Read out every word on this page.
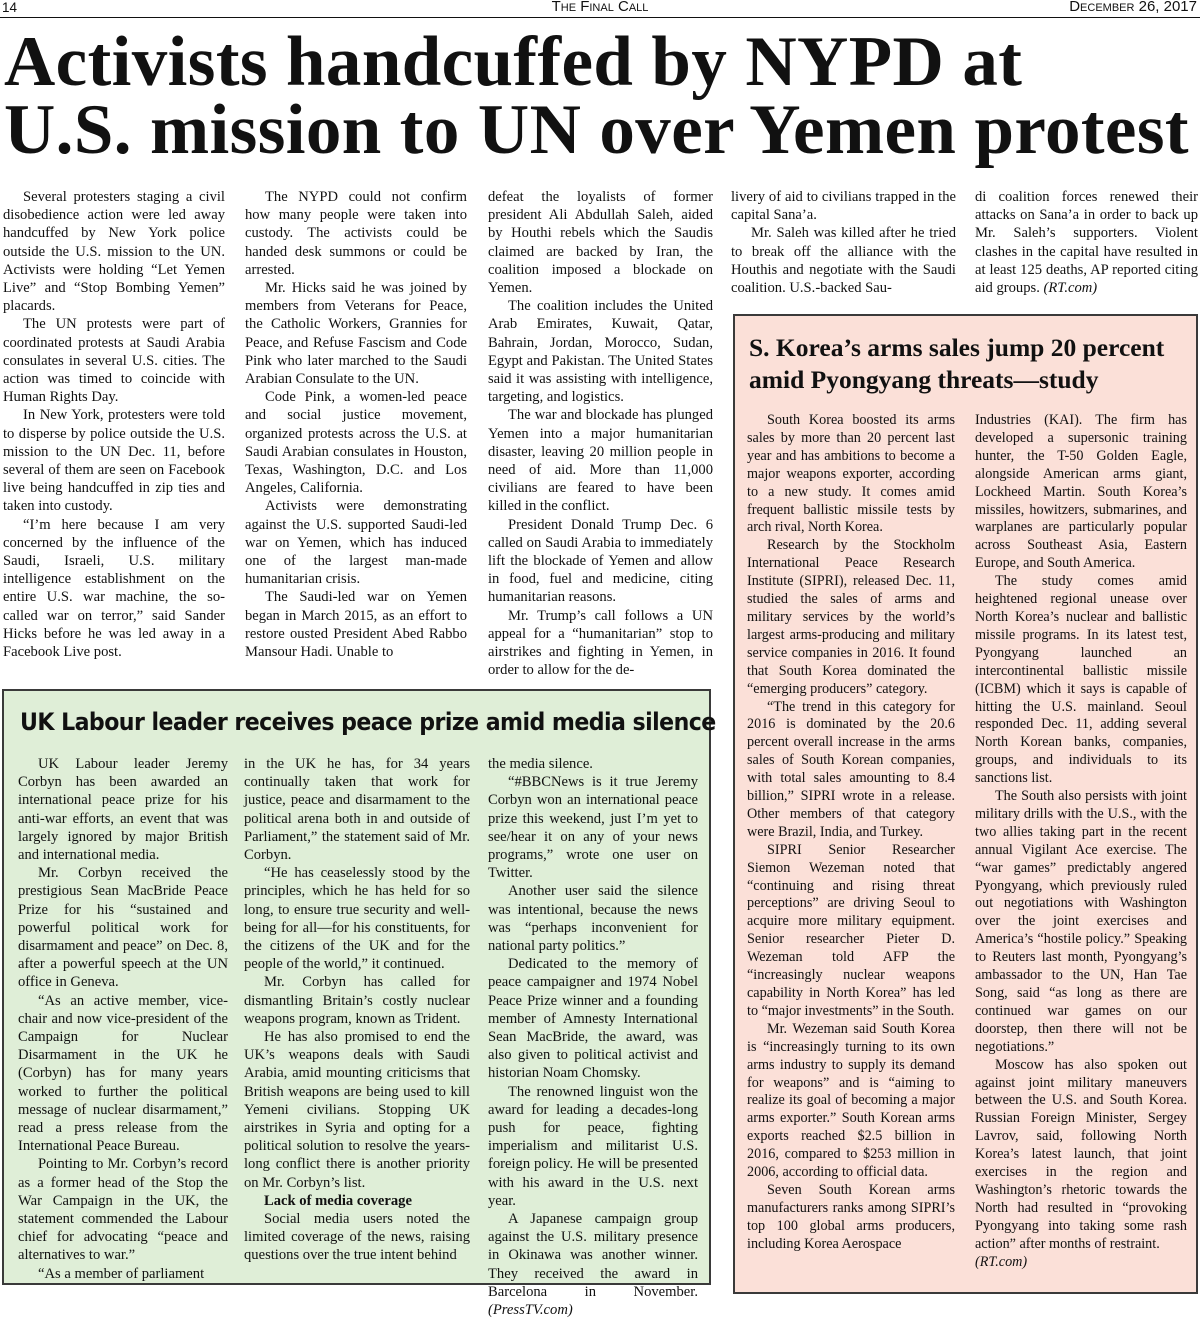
The Final Call
14	December 26, 2017
Activists handcuffed by NYPD at
U.S. mission to UN over Yemen protest

Several protesters staging a civil disobedience action were led away handcuffed by New York police outside the U.S. mission to the UN. Activists were holding “Let Yemen Live” and “Stop Bombing Yemen” placards.

The UN protests were part of coordinated protests at Saudi Arabia consulates in several U.S. cities. The action was timed to coincide with Human Rights Day.

In New York, protesters were told to disperse by police outside the U.S. mission to the UN Dec. 11, before several of them are seen on Facebook live being handcuffed in zip ties and taken into custody.

“I’m here because I am very concerned by the influence of the Saudi, Israeli, U.S. military intelligence establishment on the entire U.S. war machine, the so-called war on terror,” said Sander Hicks before he was led away in a Facebook Live post.

The NYPD could not confirm how many people were taken into custody. The activists could be handed desk summons or could be arrested.

Mr. Hicks said he was joined by members from Veterans for Peace, the Catholic Workers, Grannies for Peace, and Refuse Fascism and Code Pink who later marched to the Saudi Arabian Consulate to the UN.

Code Pink, a women-led peace and social justice movement, organized protests across the U.S. at Saudi Arabian consulates in Houston, Texas, Washington, D.C. and Los Angeles, California.

Activists were demonstrating against the U.S. supported Saudi-led war on Yemen, which has induced one of the largest man-made humanitarian crisis.

The Saudi-led war on Yemen began in March 2015, as an effort to restore ousted President Abed Rabbo Mansour Hadi. Unable to

defeat the loyalists of former president Ali Abdullah Saleh, aided by Houthi rebels which the Saudis claimed are backed by Iran, the coalition imposed a blockade on Yemen.

The coalition includes the United Arab Emirates, Kuwait, Qatar, Bahrain, Jordan, Morocco, Sudan, Egypt and Pakistan. The United States said it was assisting with intelligence, targeting, and logistics.

The war and blockade has plunged Yemen into a major humanitarian disaster, leaving 20 million people in need of aid. More than 11,000 civilians are feared to have been killed in the conflict.

President Donald Trump Dec. 6 called on Saudi Arabia to immediately lift the blockade of Yemen and allow in food, fuel and medicine, citing humanitarian reasons.

Mr. Trump’s call follows a UN appeal for a “humanitarian” stop to airstrikes and fighting in Yemen, in order to allow for the de-

livery of aid to civilians trapped in the capital Sana’a.

Mr. Saleh was killed after he tried to break off the alliance with the Houthis and negotiate with the Saudi coalition. U.S.-backed Sau-

di coalition forces renewed their attacks on Sana’a in order to back up Mr. Saleh’s supporters. Violent clashes in the capital have resulted in at least 125 deaths, AP reported citing aid groups. (RT.com)

UK Labour leader receives peace prize amid media silence

UK Labour leader Jeremy Corbyn has been awarded an international peace prize for his anti-war efforts, an event that was largely ignored by major British and international media.

Mr. Corbyn received the prestigious Sean MacBride Peace Prize for his “sustained and powerful political work for disarmament and peace” on Dec. 8, after a powerful speech at the UN office in Geneva.

“As an active member, vice-chair and now vice-president of the Campaign for Nuclear Disarmament in the UK he (Corbyn) has for many years worked to further the political message of nuclear disarmament,” read a press release from the International Peace Bureau.

Pointing to Mr. Corbyn’s record as a former head of the Stop the War Campaign in the UK, the statement commended the Labour chief for advocating “peace and alternatives to war.”

“As a member of parliament

in the UK he has, for 34 years continually taken that work for justice, peace and disarmament to the political arena both in and outside of Parliament,” the statement said of Mr. Corbyn.

“He has ceaselessly stood by the principles, which he has held for so long, to ensure true security and well-being for all—for his constituents, for the citizens of the UK and for the people of the world,” it continued.

Mr. Corbyn has called for dismantling Britain’s costly nuclear weapons program, known as Trident.

He has also promised to end the UK’s weapons deals with Saudi Arabia, amid mounting criticisms that British weapons are being used to kill Yemeni civilians. Stopping UK airstrikes in Syria and opting for a political solution to resolve the years-long conflict there is another priority on Mr. Corbyn’s list.

Lack of media coverage

Social media users noted the limited coverage of the news, raising questions over the true intent behind

the media silence.

“#BBCNews is it true Jeremy Corbyn won an international peace prize this weekend, just I’m yet to see/hear it on any of your news programs,” wrote one user on Twitter.

Another user said the silence was intentional, because the news was “perhaps inconvenient for national party politics.”

Dedicated to the memory of peace campaigner and 1974 Nobel Peace Prize winner and a founding member of Amnesty International Sean MacBride, the award, was also given to political activist and historian Noam Chomsky.

The renowned linguist won the award for leading a decades-long push for peace, fighting imperialism and militarist U.S. foreign policy. He will be presented with his award in the U.S. next year.

A Japanese campaign group against the U.S. military presence in Okinawa was another winner. They received the award in Barcelona in November. (PressTV.com)

S. Korea’s arms sales jump 20 percent amid Pyongyang threats—study

South Korea boosted its arms sales by more than 20 percent last year and has ambitions to become a major weapons exporter, according to a new study. It comes amid frequent ballistic missile tests by arch rival, North Korea.

Research by the Stockholm International Peace Research Institute (SIPRI), released Dec. 11, studied the sales of arms and military services by the world’s largest arms-producing and military service companies in 2016. It found that South Korea dominated the “emerging producers” category.

“The trend in this category for 2016 is dominated by the 20.6 percent overall increase in the arms sales of South Korean companies, with total sales amounting to 8.4 billion,” SIPRI wrote in a release. Other members of that category were Brazil, India, and Turkey.

SIPRI Senior Researcher Siemon Wezeman noted that “continuing and rising threat perceptions” are driving Seoul to acquire more military equipment. Senior researcher Pieter D. Wezeman told AFP the “increasingly nuclear weapons capability in North Korea” has led to “major investments” in the South.

Mr. Wezeman said South Korea is “increasingly turning to its own arms industry to supply its demand for weapons” and is “aiming to realize its goal of becoming a major arms exporter.” South Korean arms exports reached $2.5 billion in 2016, compared to $253 million in 2006, according to official data.

Seven South Korean arms manufacturers ranks among SIPRI’s top 100 global arms producers, including Korea Aerospace

Industries (KAI). The firm has developed a supersonic training hunter, the T-50 Golden Eagle, alongside American arms giant, Lockheed Martin. South Korea’s missiles, howitzers, submarines, and warplanes are particularly popular across Southeast Asia, Eastern Europe, and South America.

The study comes amid heightened regional unease over North Korea’s nuclear and ballistic missile programs. In its latest test, Pyongyang launched an intercontinental ballistic missile (ICBM) which it says is capable of hitting the U.S. mainland. Seoul responded Dec. 11, adding several North Korean banks, companies, groups, and individuals to its sanctions list.

The South also persists with joint military drills with the U.S., with the two allies taking part in the recent annual Vigilant Ace exercise. The “war games” predictably angered Pyongyang, which previously ruled out negotiations with Washington over the joint exercises and America’s “hostile policy.” Speaking to Reuters last month, Pyongyang’s ambassador to the UN, Han Tae Song, said “as long as there are continued war games on our doorstep, then there will not be negotiations.”

Moscow has also spoken out against joint military maneuvers between the U.S. and South Korea. Russian Foreign Minister, Sergey Lavrov, said, following North Korea’s latest launch, that joint exercises in the region and Washington’s rhetoric towards the North had resulted in “provoking Pyongyang into taking some rash action” after months of restraint.

(RT.com)
